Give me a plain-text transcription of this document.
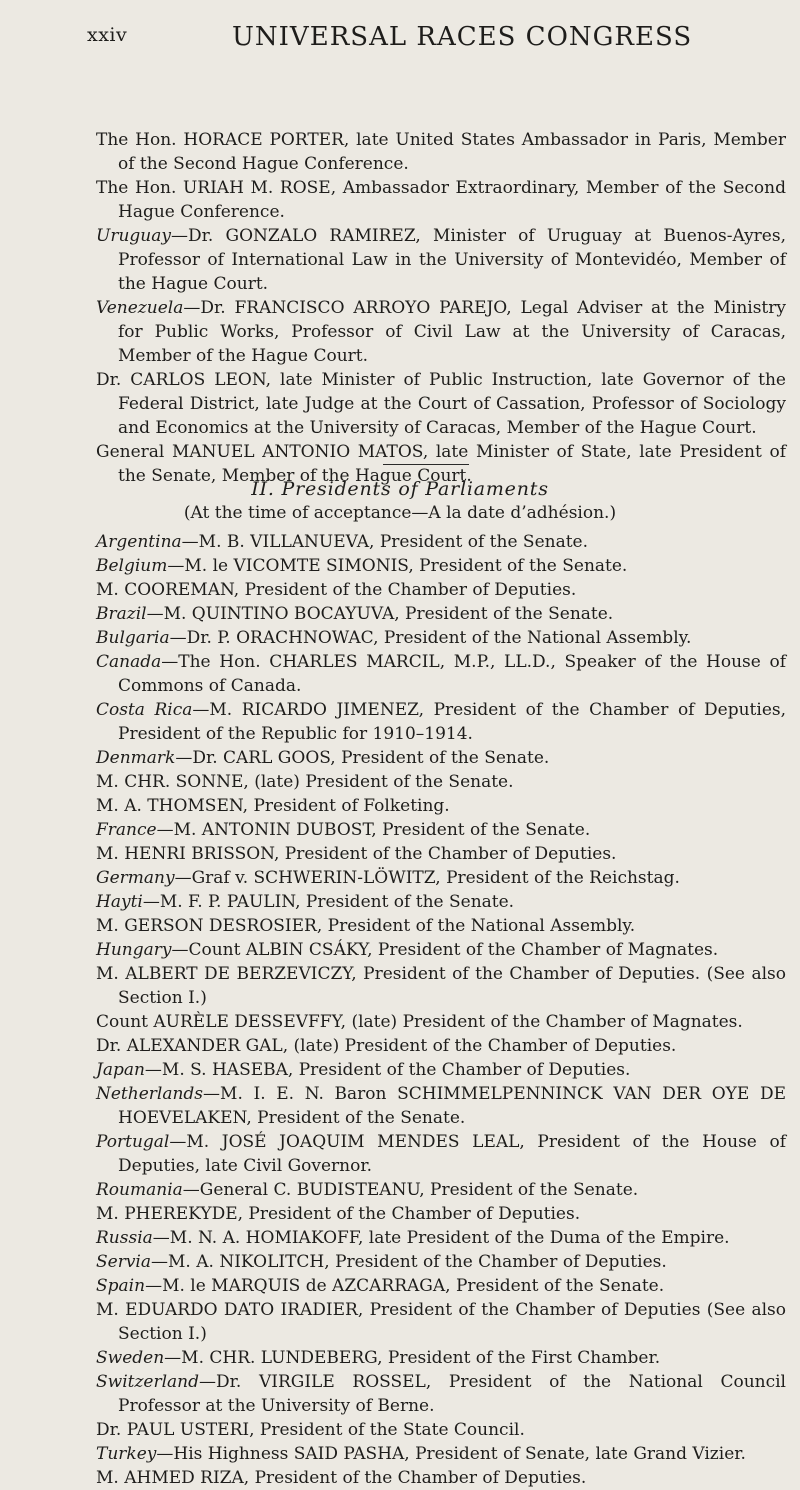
xxiv	UNIVERSAL RACES CONGRESS
The Hon. HORACE PORTER, late United States Ambassador in Paris, Member of the Second Hague Conference.
The Hon. URIAH M. ROSE, Ambassador Extraordinary, Member of the Second Hague Conference.
Uruguay—Dr. GONZALO RAMIREZ, Minister of Uruguay at Buenos-Ayres, Professor of International Law in the University of Montevidéo, Member of the Hague Court.
Venezuela—Dr. FRANCISCO ARROYO PAREJO, Legal Adviser at the Ministry for Public Works, Professor of Civil Law at the University of Caracas, Member of the Hague Court.
Dr. CARLOS LEON, late Minister of Public Instruction, late Governor of the Federal District, late Judge at the Court of Cassation, Professor of Sociology and Economics at the University of Caracas, Member of the Hague Court.
General MANUEL ANTONIO MATOS, late Minister of State, late President of the Senate, Member of the Hague Court.
II. Presidents of Parliaments
(At the time of acceptance—A la date d’adhésion.)
Argentina—M. B. VILLANUEVA, President of the Senate.
Belgium—M. le VICOMTE SIMONIS, President of the Senate.
M. COOREMAN, President of the Chamber of Deputies.
Brazil—M. QUINTINO BOCAYUVA, President of the Senate.
Bulgaria—Dr. P. ORACHNOWAC, President of the National Assembly.
Canada—The Hon. CHARLES MARCIL, M.P., LL.D., Speaker of the House of Commons of Canada.
Costa Rica—M. RICARDO JIMENEZ, President of the Chamber of Deputies, President of the Republic for 1910–1914.
Denmark—Dr. CARL GOOS, President of the Senate.
M. CHR. SONNE, (late) President of the Senate.
M. A. THOMSEN, President of Folketing.
France—M. ANTONIN DUBOST, President of the Senate.
M. HENRI BRISSON, President of the Chamber of Deputies.
Germany—Graf v. SCHWERIN-LÖWITZ, President of the Reichstag.
Hayti—M. F. P. PAULIN, President of the Senate.
M. GERSON DESROSIER, President of the National Assembly.
Hungary—Count ALBIN CSÁKY, President of the Chamber of Magnates.
M. ALBERT DE BERZEVICZY, President of the Chamber of Deputies. (See also Section I.)
Count AURÈLE DESSEVFFY, (late) President of the Chamber of Magnates.
Dr. ALEXANDER GAL, (late) President of the Chamber of Deputies.
Japan—M. S. HASEBA, President of the Chamber of Deputies.
Netherlands—M. I. E. N. Baron SCHIMMELPENNINCK VAN DER OYE DE HOEVELAKEN, President of the Senate.
Portugal—M. JOSÉ JOAQUIM MENDES LEAL, President of the House of Deputies, late Civil Governor.
Roumania—General C. BUDISTEANU, President of the Senate.
M. PHEREKYDE, President of the Chamber of Deputies.
Russia—M. N. A. HOMIAKOFF, late President of the Duma of the Empire.
Servia—M. A. NIKOLITCH, President of the Chamber of Deputies.
Spain—M. le MARQUIS de AZCARRAGA, President of the Senate.
M. EDUARDO DATO IRADIER, President of the Chamber of Deputies (See also Section I.)
Sweden—M. CHR. LUNDEBERG, President of the First Chamber.
Switzerland—Dr. VIRGILE ROSSEL, President of the National Council Professor at the University of Berne.
Dr. PAUL USTERI, President of the State Council.
Turkey—His Highness SAID PASHA, President of Senate, late Grand Vizier.
M. AHMED RIZA, President of the Chamber of Deputies.
